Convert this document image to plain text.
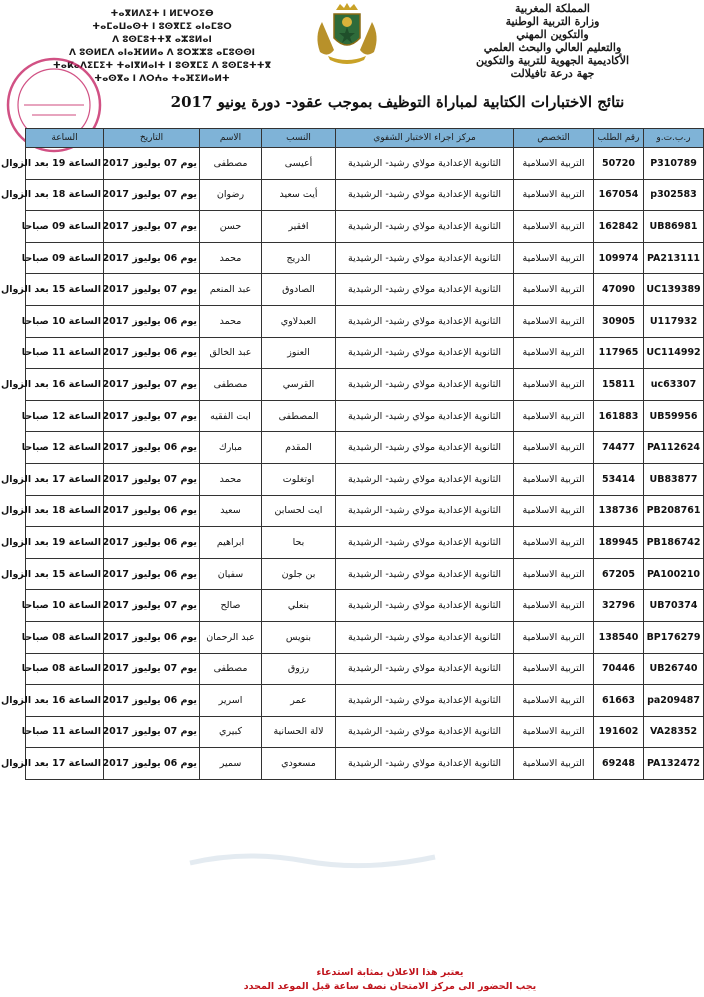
ⵜⴰⴳⵍⴷⵉⵜ ⵏ ⵍⵎⵖⵔⵉⴱ
ⵜⴰⵎⴰⵡⴰⵙⵜ ⵏ ⵓⵙⴳⵎⵉ ⴰⵏⴰⵎⵓⵔ
ⴷ ⵓⵙⵎⵓⵜⵜⴳ ⴰⵣⵓⵍⴰⵏ
ⴷ ⵓⵙⵍⵎⴷ ⴰⵏⴰⴼⵍⵍⴰ ⴷ ⵓⵔⵣⵣⵓ ⴰⵎⵓⵙⵙⵏ
ⵜⴰⴽⴰⴷⵉⵎⵉⵜ ⵜⴰⵏⴳⵍⴰⵏⵜ ⵏ ⵓⵙⴳⵎⵉ ⴷ ⵓⵙⵎⵓⵜⵜⴳ
ⵜⴰⵙⴳⴰ ⵏ ⴷⵔⵄⴰ ⵜⴰⴼⵉⵍⴰⵍⵜ
المملكة المغربية
وزارة التربية الوطنية
والتكوين المهني
والتعليم العالي والبحث العلمي
الأكاديمية الجهوية للتربية والتكوين
جهة درعة تافيلالت
نتائج الاختبارات الكتابية لمباراة التوظيف بموجب عقود- دورة يونيو 2017
ر.ب.ت.و	رقم الطلب	التخصص	مركز اجراء الاختبار الشفوي	النسب	الاسم	التاريخ	الساعة
P310789	50720	التربية الاسلامية	الثانوية الإعدادية مولاي رشيد- الرشيدية	أعيسى	مصطفى	يوم 07 يوليوز 2017	الساعة 19 بعد الزوال
p302583	167054	التربية الاسلامية	الثانوية الإعدادية مولاي رشيد- الرشيدية	أيت سعيد	رضوان	يوم 07 يوليوز 2017	الساعة 18 بعد الزوال
UB86981	162842	التربية الاسلامية	الثانوية الإعدادية مولاي رشيد- الرشيدية	افقير	حسن	يوم 07 يوليوز 2017	الساعة 09 صباحا
PA213111	109974	التربية الاسلامية	الثانوية الإعدادية مولاي رشيد- الرشيدية	الدريج	محمد	يوم 06 يوليوز 2017	الساعة 09 صباحا
UC139389	47090	التربية الاسلامية	الثانوية الإعدادية مولاي رشيد- الرشيدية	الصادوق	عبد المنعم	يوم 07 يوليوز 2017	الساعة 15 بعد الزوال
U117932	30905	التربية الاسلامية	الثانوية الإعدادية مولاي رشيد- الرشيدية	العبدلاوي	محمد	يوم 06 يوليوز 2017	الساعة 10 صباحا
UC114992	117965	التربية الاسلامية	الثانوية الإعدادية مولاي رشيد- الرشيدية	العنوز	عبد الخالق	يوم 06 يوليوز 2017	الساعة 11 صباحا
uc63307	15811	التربية الاسلامية	الثانوية الإعدادية مولاي رشيد- الرشيدية	القرسي	مصطفى	يوم 07 يوليوز 2017	الساعة 16 بعد الزوال
UB59956	161883	التربية الاسلامية	الثانوية الإعدادية مولاي رشيد- الرشيدية	المصطفى	ايت الفقيه	يوم 07 يوليوز 2017	الساعة 12 صباحا
PA112624	74477	التربية الاسلامية	الثانوية الإعدادية مولاي رشيد- الرشيدية	المقدم	مبارك	يوم 06 يوليوز 2017	الساعة 12 صباحا
UB83877	53414	التربية الاسلامية	الثانوية الإعدادية مولاي رشيد- الرشيدية	اوتغلوت	محمد	يوم 07 يوليوز 2017	الساعة 17 بعد الزوال
PB208761	138736	التربية الاسلامية	الثانوية الإعدادية مولاي رشيد- الرشيدية	ايت لحسابن	سعيد	يوم 06 يوليوز 2017	الساعة 18 بعد الزوال
PB186742	189945	التربية الاسلامية	الثانوية الإعدادية مولاي رشيد- الرشيدية	بحا	ابراهيم	يوم 06 يوليوز 2017	الساعة 19 بعد الزوال
PA100210	67205	التربية الاسلامية	الثانوية الإعدادية مولاي رشيد- الرشيدية	بن جلون	سفيان	يوم 06 يوليوز 2017	الساعة 15 بعد الزوال
UB70374	32796	التربية الاسلامية	الثانوية الإعدادية مولاي رشيد- الرشيدية	بنعلي	صالح	يوم 07 يوليوز 2017	الساعة 10 صباحا
BP176279	138540	التربية الاسلامية	الثانوية الإعدادية مولاي رشيد- الرشيدية	بنويس	عبد الرحمان	يوم 06 يوليوز 2017	الساعة 08 صباحا
UB26740	70446	التربية الاسلامية	الثانوية الإعدادية مولاي رشيد- الرشيدية	رزوق	مصطفى	يوم 07 يوليوز 2017	الساعة 08 صباحا
pa209487	61663	التربية الاسلامية	الثانوية الإعدادية مولاي رشيد- الرشيدية	عمر	اسرير	يوم 06 يوليوز 2017	الساعة 16 بعد الزوال
VA28352	191602	التربية الاسلامية	الثانوية الإعدادية مولاي رشيد- الرشيدية	لالة الحسانية	كبيري	يوم 07 يوليوز 2017	الساعة 11 صباحا
PA132472	69248	التربية الاسلامية	الثانوية الإعدادية مولاي رشيد- الرشيدية	مسعودي	سمير	يوم 06 يوليوز 2017	الساعة 17 بعد الزوال
يعتبر هذا الاعلان بمثابة استدعاء
يجب الحضور الى مركز الامتحان نصف ساعة قبل الموعد المحدد
